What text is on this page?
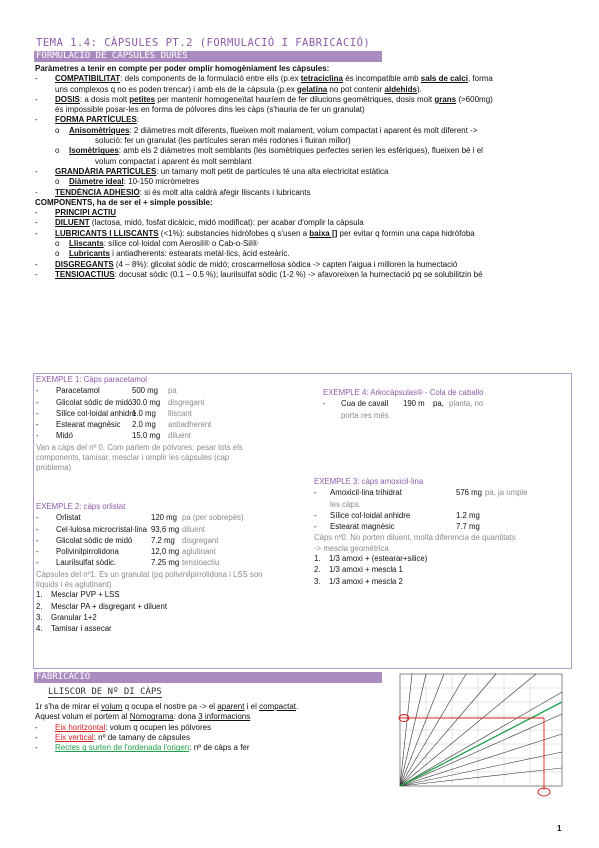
TEMA 1.4: CÀPSULES PT.2 (FORMULACIÓ I FABRICACIÓ)
FORMULACIÓ DE CÀPSULES DURES
Paràmetres a tenir en compte per poder omplir homogèniament les càpsules:
- COMPATIBILITAT: dels components de la formulació entre ells (p.ex tetraciclina és incompatible amb sals de calci, forma
uns complexos q no es poden trencar) i amb els de la càpsula (p.ex gelatina no pot contenir aldehids).
- DOSIS: a dosis molt petites per mantenir homogeneïtat hauríem de fer dilucions geomètriques, dosis molt grans (>600mg)
és impossible posar-les en forma de pólvores dins les càps (s'hauria de fer un granulat)
- FORMA PARTÍCULES:
o Anisomètriques: 2 diàmetres molt diferents, flueixen molt malament, volum compactat i aparent és molt diferent ->
solució: fer un granulat (les partícules seran més rodones i fluiran millor)
o Isomètriques: amb els 2 diàmetres molt semblants (les isomètriques perfectes serien les esfèriques), flueixen bé i el
volum compactat i aparent és molt semblant
- GRANDÀRIA PARTÍCULES: un tamany molt petit de partícules té una alta electricitat estàtica
o Diàmetre ideal: 10-150 micròmetres
- TENDÈNCIA ADHESIÓ: si és molt alta caldrà afegir lliscants i lubricants
COMPONENTS, ha de ser el + simple possible:
- PRINCIPI ACTIU
- DILUENT (lactosa, midó, fosfat dicàlcic, midó modificat): per acabar d'omplir la càpsula
- LUBRICANTS I LLISCANTS (<1%): substancies hidròfobes q s'usen a baixa [] per evitar q formin una capa hidròfoba
o Lliscants: sílice col·loidal com Aerosil® o Cab-o-Sil®
o Lubricants i antiadherents: estearats metàl·lics, àcid esteàric.
- DISGREGANTS (4 – 8%): glicolat sòdic de midó; croscarmellosa sòdica -> capten l'aigua i milloren la humectació
- TENSIOACTIUS: docusat sòdic (0.1 – 0.5 %); laurilsulfat sòdic (1-2 %) -> afavoreixen la humectació pq se solubilitzin bé
EXEMPLE 1: Càps paracetamol
- Paracetamol	500 mg pa
- Glicolat sòdic de midó30.0 mg disgregant
- Sílice col·loidal anhidre1.0 mg lliscant
- Estearat magnèsic 2.0 mg antiadherent
- Midó	15.0 mg diluent
Van a càps del nº 0. Com parlem de pólvores: pesar tots els
components, tamisar, mesclar i omplir les càpsules (cap
problema)
EXEMPLE 2: càps orlistat
- Orlistat	120 mg pa (per sobrepès)
- Cel·lulosa microcristal·lina 93,6 mg diluent
- Glicolat sòdic de midó 7.2 mg disgregant
- Polivinilpirrolidona	12,0 mg aglutinant
- Laurilsulfat sòdic.	7.25 mg tensioactiu
Càpsules del nº1. És un granulat (pq polivinilpirrolidona i LSS son
líquids i és aglutinant)
1. Mesclar PVP + LSS
2. Mesclar PA + disgregant + diluent
3. Granular 1+2
4. Tamisar i assecar
EXEMPLE 4: Arkocàpsulas® - Cola de caballo
- Cua de cavall 190 m pa, planta, no
porta res més
EXEMPLE 3: càps amoxicil·lina
- Amoxicil·lina trihidrat	576 mg pa, ja omple
les càps.
- Sílice col·loidal anhidre	1.2 mg
- Estearat magnèsic	7.7 mg
Càps nº0. No porten diluent, molta diferencia de quantitats
-> mescla geomètrica
1. 1/3 amoxi + (estearar+silice)
2. 1/3 amoxi + mescla 1
3. 1/3 amoxi + mescla 2
FABRICACIÓ
LLISCOR DE Nº DI CÀPS
1r s'ha de mirar el volum q ocupa el nostre pa -> el aparent i el compactat.
Aquest volum el portem al Nomograma: dona 3 informacions
- Eix horitzontal: volum q ocupen les pólvores
- Eix vertical: nº de tamany de càpsules
- Rectes q surten de l'ordenada l'origen: nº de càps a fer
1
